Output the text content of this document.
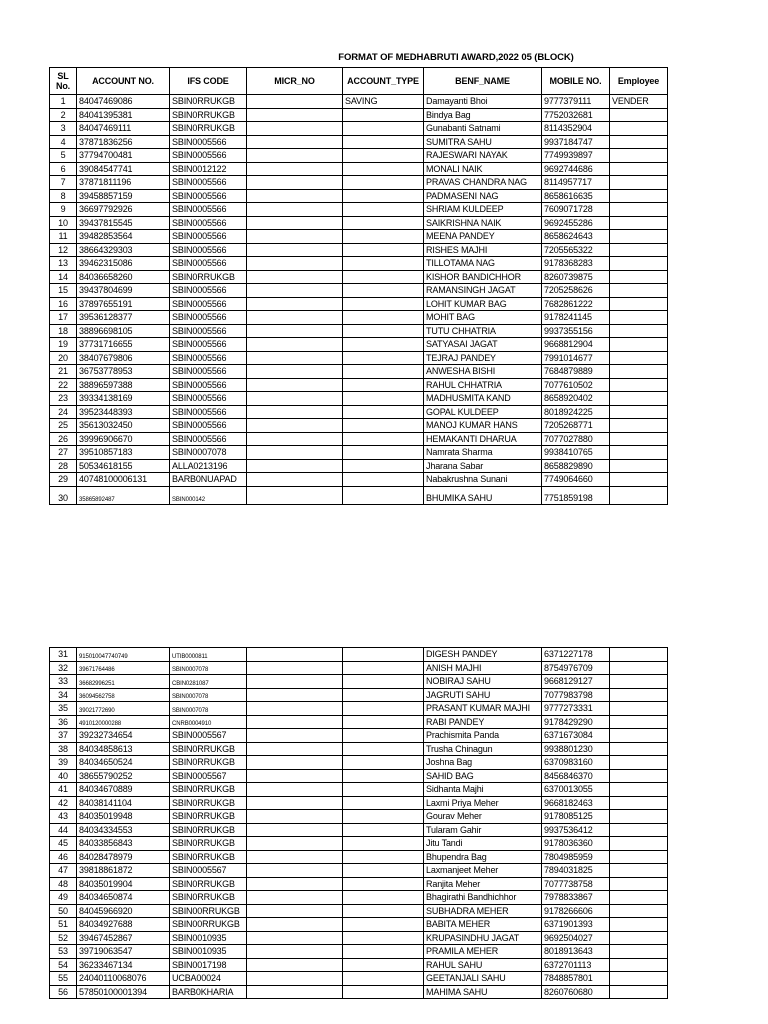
FORMAT OF MEDHABRUTI AWARD,2022 05 (BLOCK)
SL No.	ACCOUNT NO.	IFS CODE	MICR_NO	ACCOUNT_TYPE	BENF_NAME	MOBILE NO.	Employee
1	84047469086	SBIN0RRUKGB		SAVING	Damayanti Bhoi	9777379111	VENDER
2	84041395381	SBIN0RRUKGB			Bindya Bag	7752032681	
3	84047469111	SBIN0RRUKGB			Gunabanti Satnami	8114352904	
4	37871836256	SBIN0005566			SUMITRA SAHU	9937184747	
5	37794700481	SBIN0005566			RAJESWARI NAYAK	7749939897	
6	39084547741	SBIN0012122			MONALI NAIK	9692744686	
7	37871811196	SBIN0005566			PRAVAS CHANDRA NAG	8114957717	
8	39458857159	SBIN0005566			PADMASENI NAG	8658616635	
9	36697792926	SBIN0005566			SHRIAM KULDEEP	7609071728	
10	39437815545	SBIN0005566			SAIKRISHNA NAIK	9692455286	
11	39482853564	SBIN0005566			MEENA PANDEY	8658624643	
12	38664329303	SBIN0005566			RISHES MAJHI	7205565322	
13	39462315086	SBIN0005566			TILLOTAMA NAG	9178368283	
14	84036658260	SBIN0RRUKGB			KISHOR BANDICHHOR	8260739875	
15	39437804699	SBIN0005566			RAMANSINGH JAGAT	7205258626	
16	37897655191	SBIN0005566			LOHIT KUMAR BAG	7682861222	
17	39536128377	SBIN0005566			MOHIT BAG	9178241145	
18	38896698105	SBIN0005566			TUTU CHHATRIA	9937355156	
19	37731716655	SBIN0005566			SATYASAI JAGAT	9668812904	
20	38407679806	SBIN0005566			TEJRAJ PANDEY	7991014677	
21	36753778953	SBIN0005566			ANWESHA BISHI	7684879889	
22	38896597388	SBIN0005566			RAHUL CHHATRIA	7077610502	
23	39334138169	SBIN0005566			MADHUSMITA KAND	8658920402	
24	39523448393	SBIN0005566			GOPAL KULDEEP	8018924225	
25	35613032450	SBIN0005566			MANOJ KUMAR HANS	7205268771	
26	39996906670	SBIN0005566			HEMAKANTI DHARUA	7077027880	
27	39510857183	SBIN0007078			Namrata Sharma	9938410765	
28	50534618155	ALLA0213196			Jharana Sabar	8658829890	
29	40748100006131	BARB0NUAPAD			Nabakrushna Sunani	7749064660	
30	35865892487	SBIN000142			BHUMIKA SAHU	7751859198	
31	915010047740749	UTIB0000811			DIGESH PANDEY	6371227178	
32	39671764486	SBIN0007078			ANISH MAJHI	8754976709	
33	36682996251	CBIN0281087			NOBIRAJ SAHU	9668129127	
34	36094562758	SBIN0007078			JAGRUTI SAHU	7077983798	
35	39021772690	SBIN0007078			PRASANT KUMAR MAJHI	9777273331	
36	4910120000288	CNRB0004910			RABI PANDEY	9178429290	
37	39232734654	SBIN0005567			Prachismita Panda	6371673084	
38	84034858613	SBIN0RRUKGB			Trusha Chinagun	9938801230	
39	84034650524	SBIN0RRUKGB			Joshna Bag	6370983160	
40	38655790252	SBIN0005567			SAHID BAG	8456846370	
41	84034670889	SBIN0RRUKGB			Sidhanta Majhi	6370013055	
42	84038141104	SBIN0RRUKGB			Laxmi Priya Meher	9668182463	
43	84035019948	SBIN0RRUKGB			Gourav Meher	9178085125	
44	84034334553	SBIN0RRUKGB			Tularam Gahir	9937536412	
45	84033856843	SBIN0RRUKGB			Jitu Tandi	9178036360	
46	84028478979	SBIN0RRUKGB			Bhupendra Bag	7804985959	
47	39818861872	SBIN0005567			Laxmanjeet Meher	7894031825	
48	84035019904	SBIN0RRUKGB			Ranjita Meher	7077738758	
49	84034650874	SBIN0RRUKGB			Bhagirathi Bandhichhor	7978833867	
50	84045966920	SBIN00RRUKGB			SUBHADRA MEHER	9178266606	
51	84034927688	SBIN00RRUKGB			BABITA MEHER	6371901393	
52	39467452867	SBIN0010935			KRUPASINDHU JAGAT	9692504027	
53	39719063547	SBIN0010935			PRAMILA MEHER	8018913643	
54	36233467134	SBIN0017198			RAHUL SAHU	6372701113	
55	24040110068076	UCBA00024			GEETANJALI SAHU	7848857801	
56	57850100001394	BARB0KHARIA			MAHIMA SAHU	8260760680	
